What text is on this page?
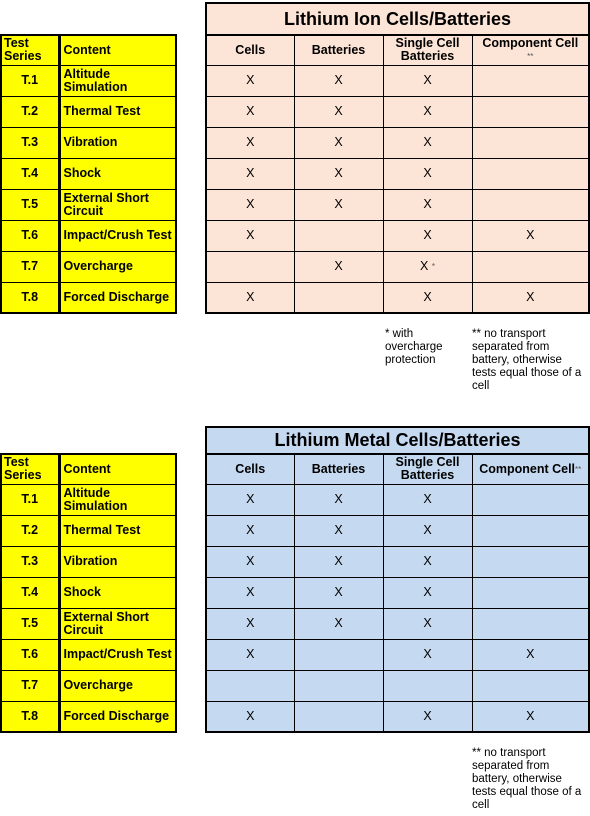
Test Series	Content
T.1	Altitude Simulation
T.2	Thermal Test
T.3	Vibration
T.4	Shock
T.5	External Short Circuit
T.6	Impact/Crush Test
T.7	Overcharge
T.8	Forced Discharge
Lithium Ion Cells/Batteries			
Cells	Batteries	Single Cell Batteries	Component Cell
**
X	X	X	
X	X	X	
X	X	X	
X	X	X	
X	X	X	
X		X	X
	X	X *	
X		X	X
* with overcharge protection
** no transport separated from battery, otherwise tests equal those of a cell
Test Series	Content
T.1	Altitude Simulation
T.2	Thermal Test
T.3	Vibration
T.4	Shock
T.5	External Short Circuit
T.6	Impact/Crush Test
T.7	Overcharge
T.8	Forced Discharge
Lithium Metal Cells/Batteries			
Cells	Batteries	Single Cell Batteries	Component Cell**
X	X	X	
X	X	X	
X	X	X	
X	X	X	
X	X	X	
X		X	X

X		X	X
** no transport separated from battery, otherwise tests equal those of a cell
